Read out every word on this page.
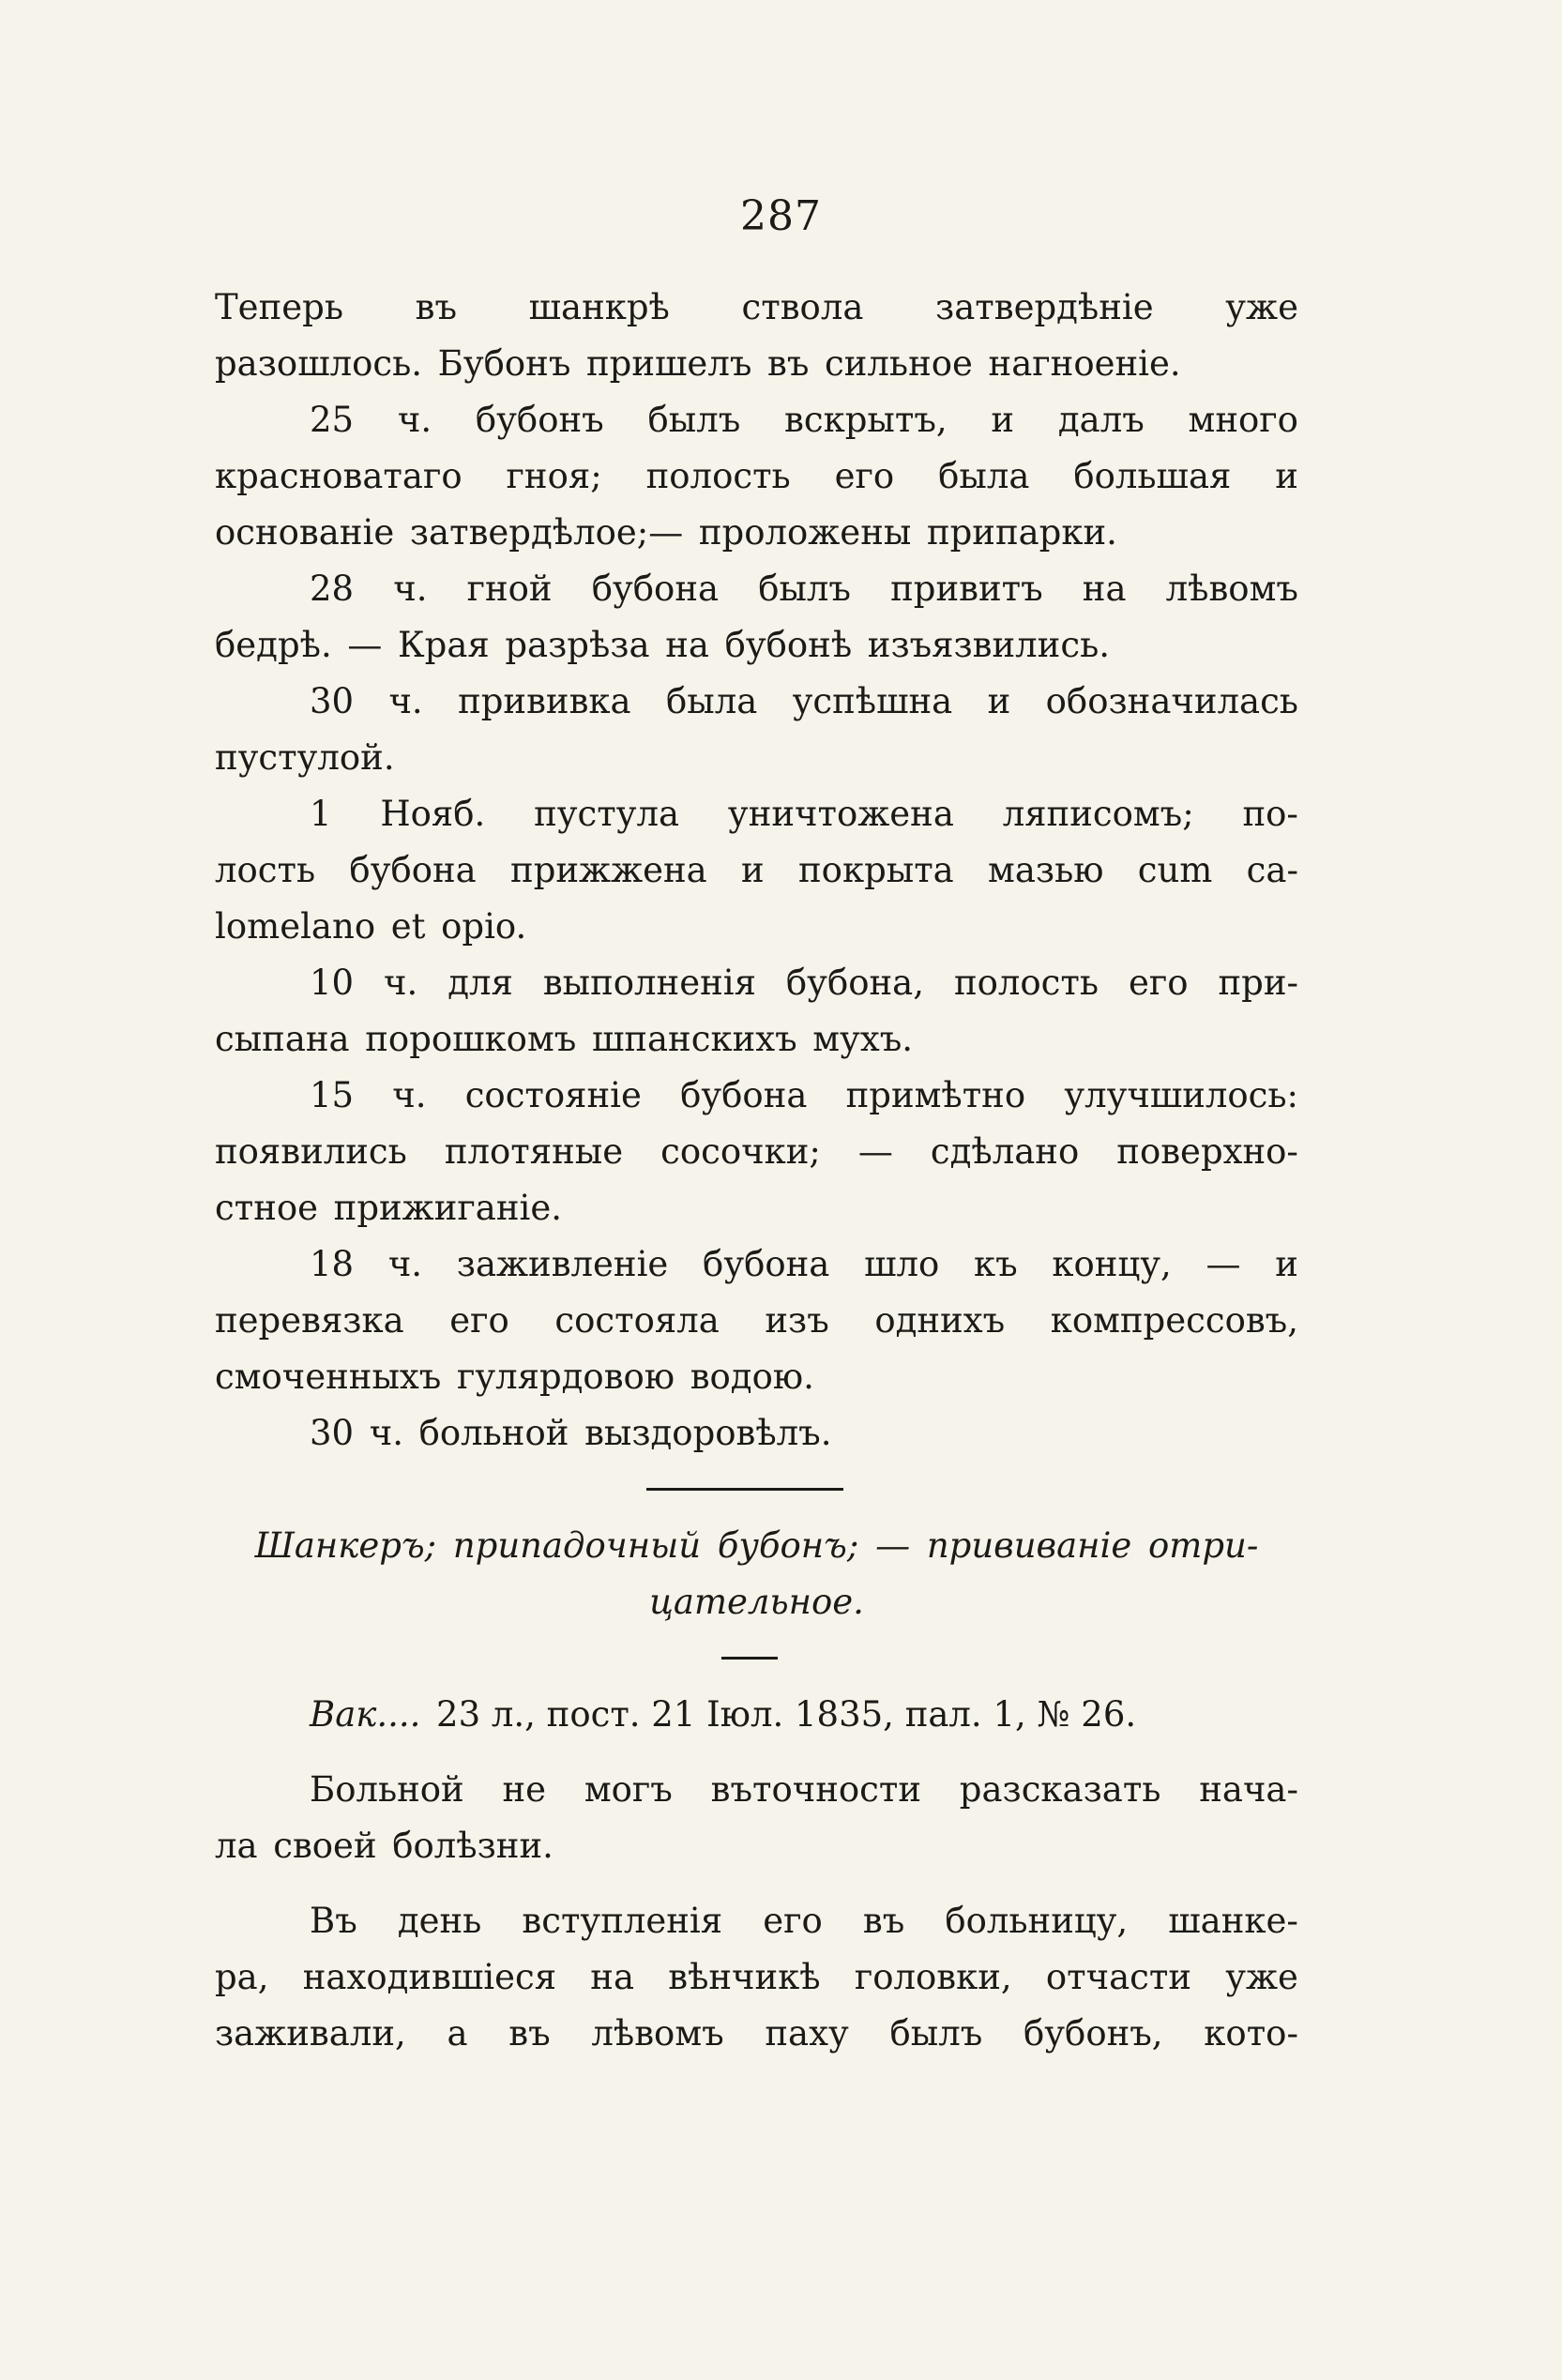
287
Теперь въ шанкрѣ ствола затвердѣніе уже
разошлось. Бубонъ пришелъ въ сильное нагноеніе.
25 ч. бубонъ былъ вскрытъ, и далъ много
красноватаго гноя; полость его была большая и
основаніе затвердѣлое;— проложены припарки.
28 ч. гной бубона былъ привитъ на лѣвомъ
бедрѣ. — Края разрѣза на бубонѣ изъязвились.
30 ч. прививка была успѣшна и обозначилась
пустулой.
1 Нояб. пустула уничтожена ляписомъ; по-
лость бубона прижжена и покрыта мазью cum ca-
lomelano et opio.
10 ч. для выполненія бубона, полость его при-
сыпана порошкомъ шпанскихъ мухъ.
15 ч. состояніе бубона примѣтно улучшилось:
появились плотяные сосочки; — сдѣлано поверхно-
стное прижиганіе.
18 ч. заживленіе бубона шло къ концу, — и
перевязка его состояла изъ однихъ компрессовъ,
смоченныхъ гулярдовою водою.
30 ч. больной выздоровѣлъ.
Шанкеръ; припадочный бубонъ; — прививаніе отри-
цательное.
Вак.... 23 л., пост. 21 Іюл. 1835, пал. 1, № 26.
Больной не могъ въточности разсказать нача-
ла своей болѣзни.
Въ день вступленія его въ больницу, шанке-
ра, находившіеся на вѣнчикѣ головки, отчасти уже
заживали, а въ лѣвомъ паху былъ бубонъ, кото-
